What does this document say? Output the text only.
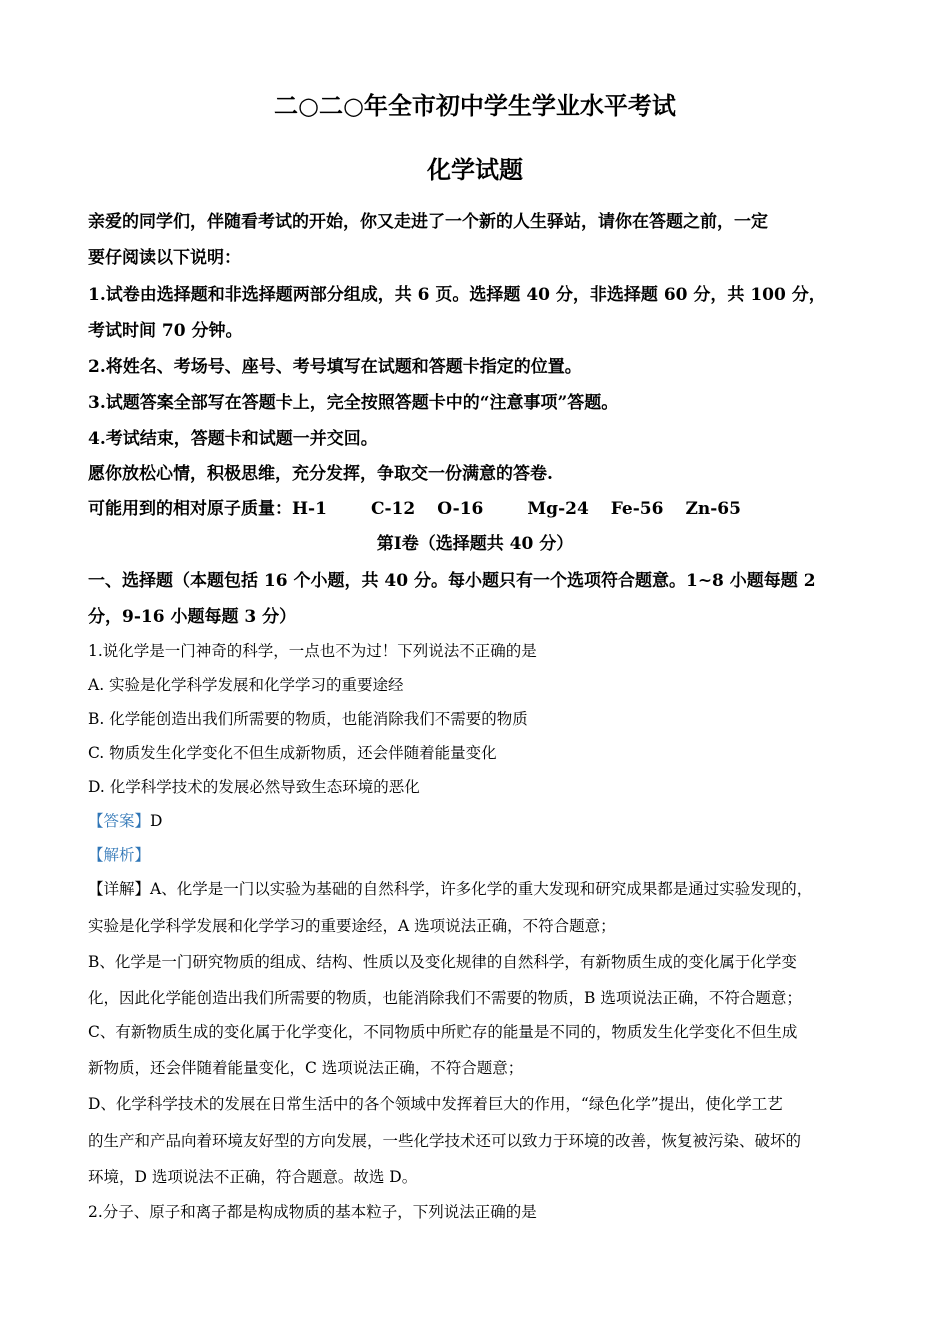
二○二○年全市初中学生学业水平考试
化学试题

亲爱的同学们，伴随看考试的开始，你又走进了一个新的人生驿站，请你在答题之前，一定

要仔阅读以下说明：

1.试卷由选择题和非选择题两部分组成，共 6 页。选择题 40 分，非选择题 60 分，共 100 分，

考试时间 70 分钟。

2.将姓名、考场号、座号、考号填写在试题和答题卡指定的位置。

3.试题答案全部写在答题卡上，完全按照答题卡中的“注意事项”答题。

4.考试结束，答题卡和试题一并交回。

愿你放松心情，积极思维，充分发挥，争取交一份满意的答卷.

可能用到的相对原子质量：H-1	C-12 O-16	Mg-24 Fe-56 Zn-65

第Ⅰ卷（选择题共 40 分）

一、选择题（本题包括 16 个小题，共 40 分。每小题只有一个选项符合题意。1~8 小题每题 2

分，9-16 小题每题 3 分）

1.说化学是一门神奇的科学，一点也不为过！下列说法不正确的是

A. 实验是化学科学发展和化学学习的重要途经

B. 化学能创造出我们所需要的物质，也能消除我们不需要的物质

C. 物质发生化学变化不但生成新物质，还会伴随着能量变化

D. 化学科学技术的发展必然导致生态环境的恶化

【答案】D

【解析】

【详解】A、化学是一门以实验为基础的自然科学，许多化学的重大发现和研究成果都是通过实验发现的，

实验是化学科学发展和化学学习的重要途经，A 选项说法正确，不符合题意；

B、化学是一门研究物质的组成、结构、性质以及变化规律的自然科学，有新物质生成的变化属于化学变

化，因此化学能创造出我们所需要的物质，也能消除我们不需要的物质，B 选项说法正确，不符合题意；

C、有新物质生成的变化属于化学变化，不同物质中所贮存的能量是不同的，物质发生化学变化不但生成

新物质，还会伴随着能量变化，C 选项说法正确，不符合题意；

D、化学科学技术的发展在日常生活中的各个领域中发挥着巨大的作用，“绿色化学”提出，使化学工艺

的生产和产品向着环境友好型的方向发展，一些化学技术还可以致力于环境的改善，恢复被污染、破坏的

环境，D 选项说法不正确，符合题意。故选 D。

2.分子、原子和离子都是构成物质的基本粒子，下列说法正确的是
